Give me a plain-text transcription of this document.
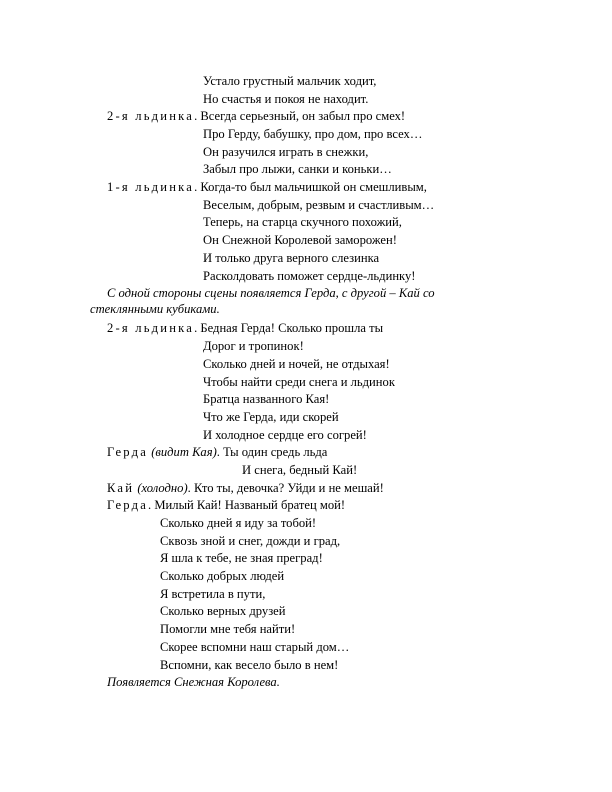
Устало грустный мальчик ходит,
Но счастья и покоя не находит.
2-я льдинка. Всегда серьезный, он забыл про смех!
Про Герду, бабушку, про дом, про всех…
Он разучился играть в снежки,
Забыл про лыжи, санки и коньки…
1-я льдинка. Когда-то был мальчишкой он смешливым,
Веселым, добрым, резвым и счастливым…
Теперь, на старца скучного похожий,
Он Снежной Королевой заморожен!
И только друга верного слезинка
Расколдовать поможет сердце-льдинку!
С одной стороны сцены появляется Герда, с другой – Кай со
стеклянными кубиками.
2-я льдинка. Бедная Герда! Сколько прошла ты
Дорог и тропинок!
Сколько дней и ночей, не отдыхая!
Чтобы найти среди снега и льдинок
Братца названного Кая!
Что же Герда, иди скорей
И холодное сердце его согрей!
Герда (видит Кая). Ты один средь льда
И снега, бедный Кай!
Кай (холодно). Кто ты, девочка? Уйди и не мешай!
Герда. Милый Кай! Названый братец мой!
Сколько дней я иду за тобой!
Сквозь зной и снег, дожди и град,
Я шла к тебе, не зная преград!
Сколько добрых людей
Я встретила в пути,
Сколько верных друзей
Помогли мне тебя найти!
Скорее вспомни наш старый дом…
Вспомни, как весело было в нем!
Появляется Снежная Королева.
